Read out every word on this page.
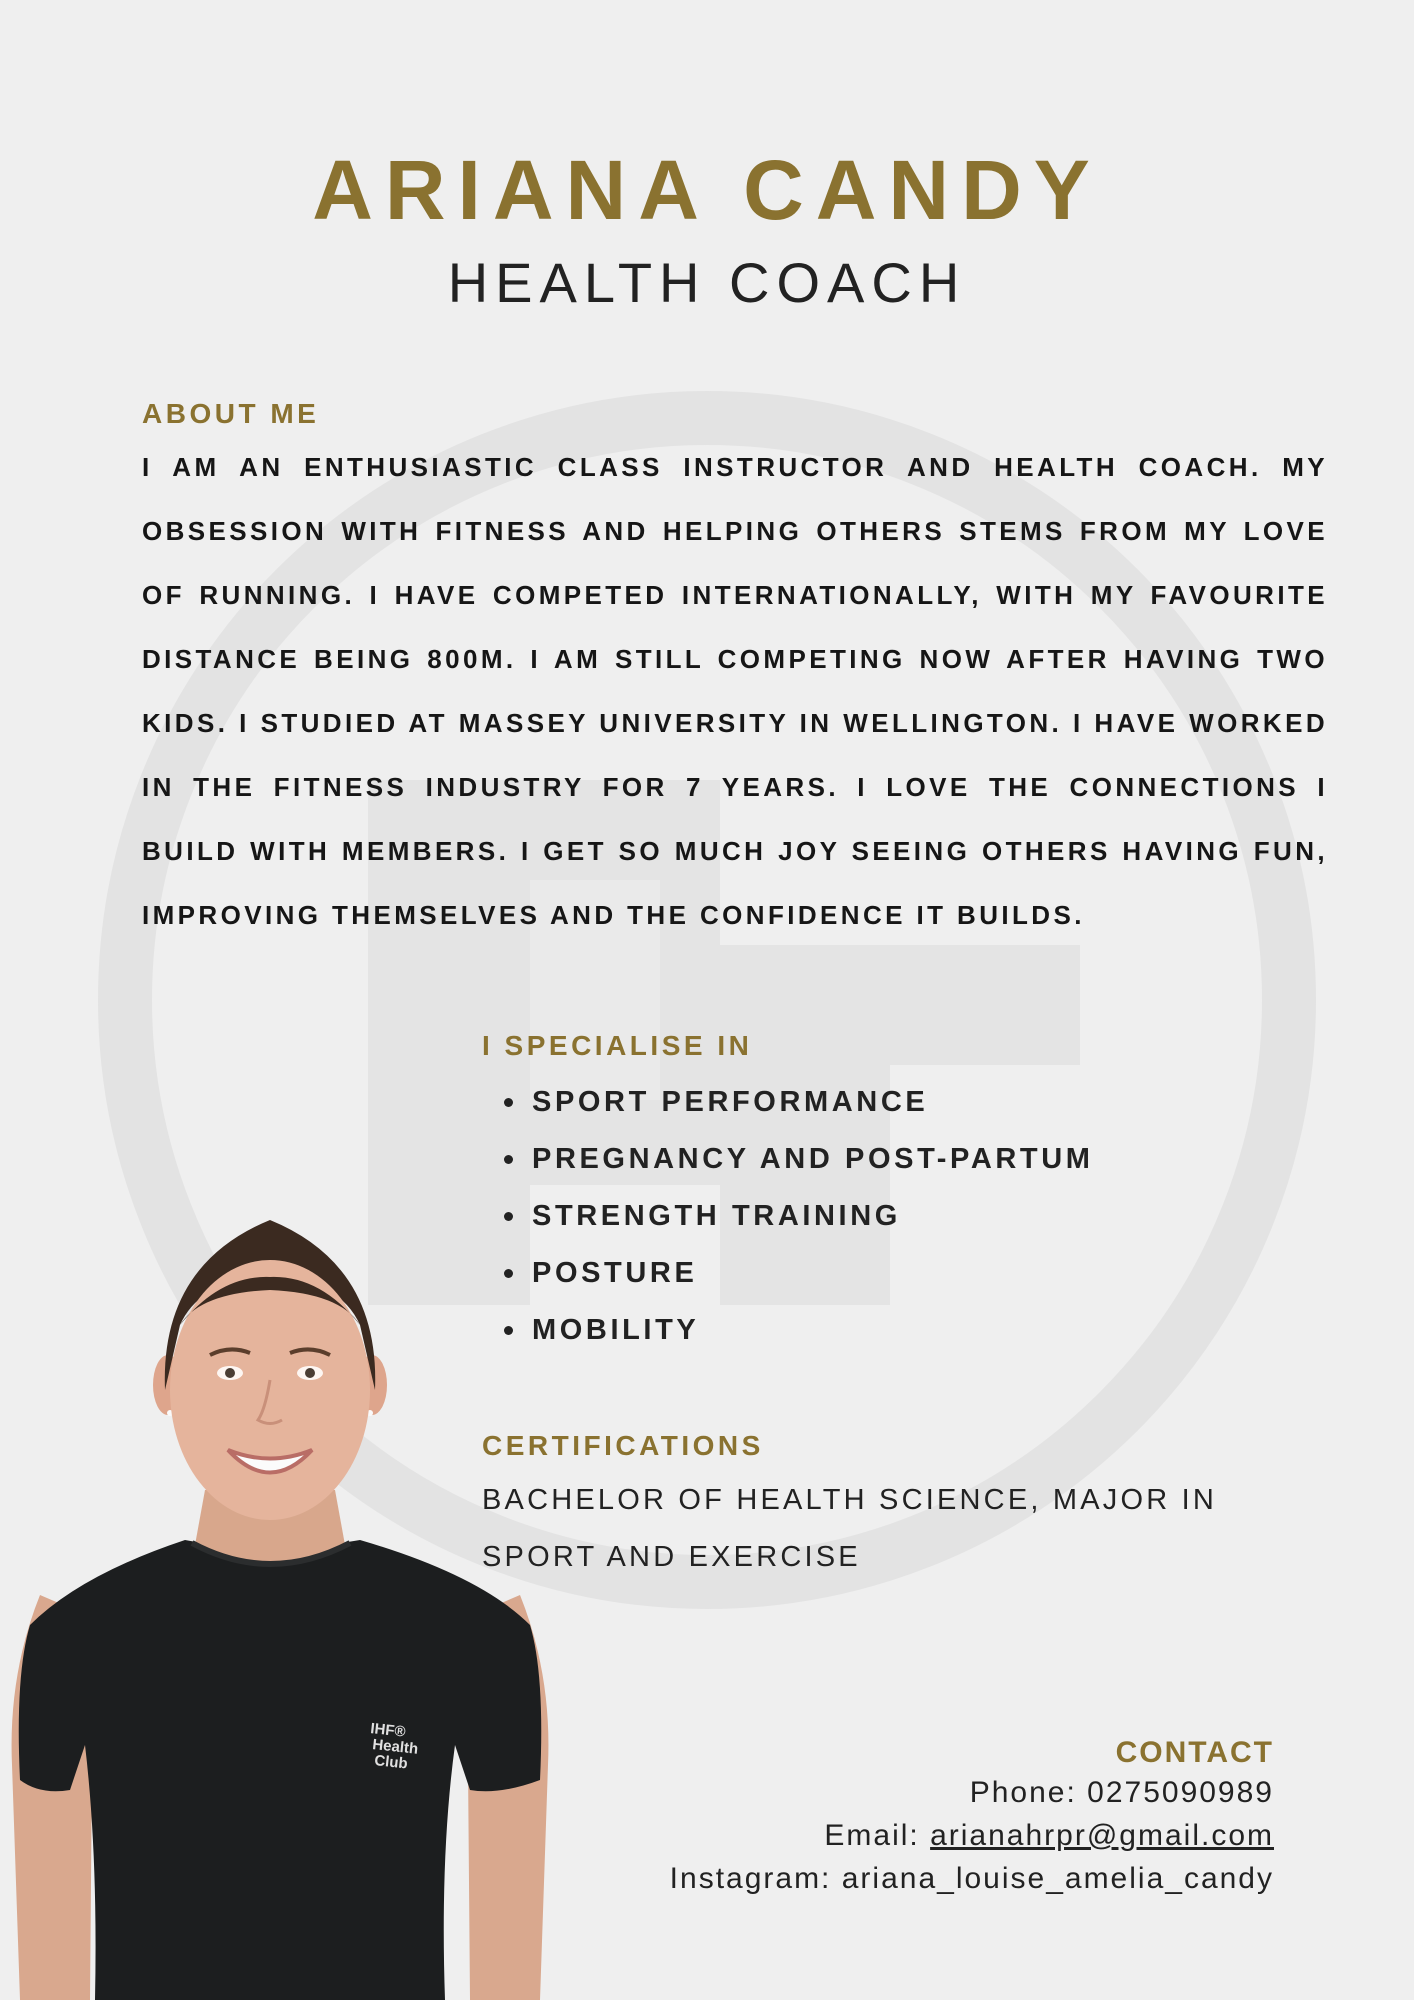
ARIANA CANDY
HEALTH COACH
ABOUT ME

I AM AN ENTHUSIASTIC CLASS INSTRUCTOR AND HEALTH COACH. MY OBSESSION WITH FITNESS AND HELPING OTHERS STEMS FROM MY LOVE OF RUNNING. I HAVE COMPETED INTERNATIONALLY, WITH MY FAVOURITE DISTANCE BEING 800M. I AM STILL COMPETING NOW AFTER HAVING TWO KIDS. I STUDIED AT MASSEY UNIVERSITY IN WELLINGTON. I HAVE WORKED IN THE FITNESS INDUSTRY FOR 7 YEARS. I LOVE THE CONNECTIONS I BUILD WITH MEMBERS. I GET SO MUCH JOY SEEING OTHERS HAVING FUN, IMPROVING THEMSELVES AND THE CONFIDENCE IT BUILDS.

I SPECIALISE IN
SPORT PERFORMANCE
PREGNANCY AND POST-PARTUM
STRENGTH TRAINING
POSTURE
MOBILITY
CERTIFICATIONS

BACHELOR OF HEALTH SCIENCE, MAJOR IN
SPORT AND EXERCISE

IHF®
Health
Club	CONTACT
Phone: 0275090989
Email: arianahrpr@gmail.com
Instagram: ariana_louise_amelia_candy
